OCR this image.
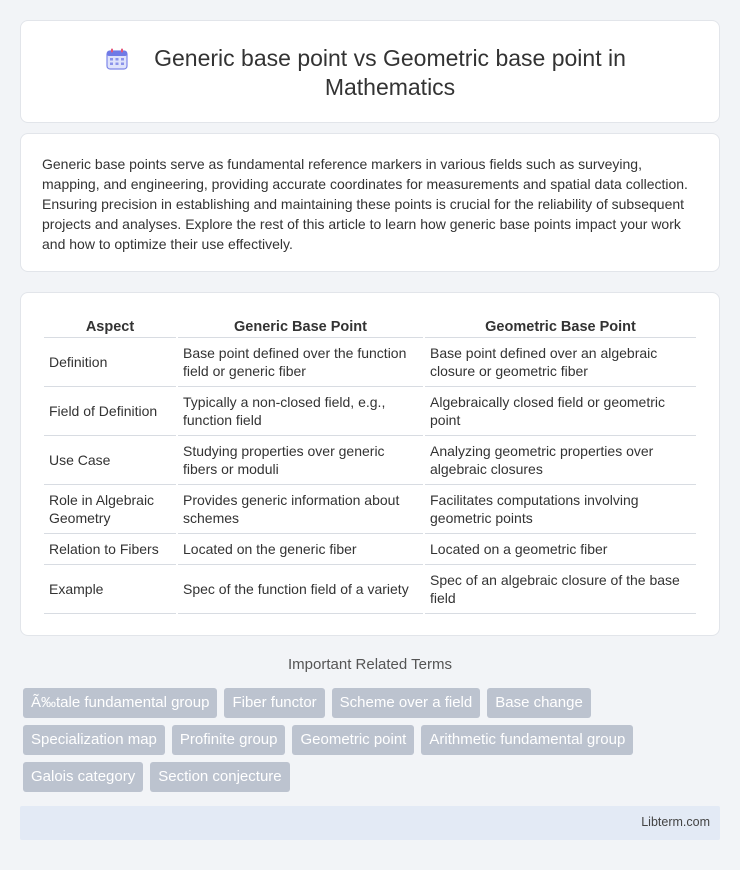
Generic base point vs Geometric base point in Mathematics

Generic base points serve as fundamental reference markers in various fields such as surveying, mapping, and engineering, providing accurate coordinates for measurements and spatial data collection. Ensuring precision in establishing and maintaining these points is crucial for the reliability of subsequent projects and analyses. Explore the rest of this article to learn how generic base points impact your work and how to optimize their use effectively.

Aspect	Generic Base Point	Geometric Base Point
Definition	Base point defined over the function field or generic fiber	Base point defined over an algebraic closure or geometric fiber
Field of Definition	Typically a non-closed field, e.g., function field	Algebraically closed field or geometric point
Use Case	Studying properties over generic fibers or moduli	Analyzing geometric properties over algebraic closures
Role in Algebraic Geometry	Provides generic information about schemes	Facilitates computations involving geometric points
Relation to Fibers	Located on the generic fiber	Located on a geometric fiber
Example	Spec of the function field of a variety	Spec of an algebraic closure of the base field
Important Related Terms
Ã‰tale fundamental group	Fiber functor	Scheme over a field	Base change
Specialization map	Profinite group	Geometric point	Arithmetic fundamental group
Galois category	Section conjecture
Libterm.com
